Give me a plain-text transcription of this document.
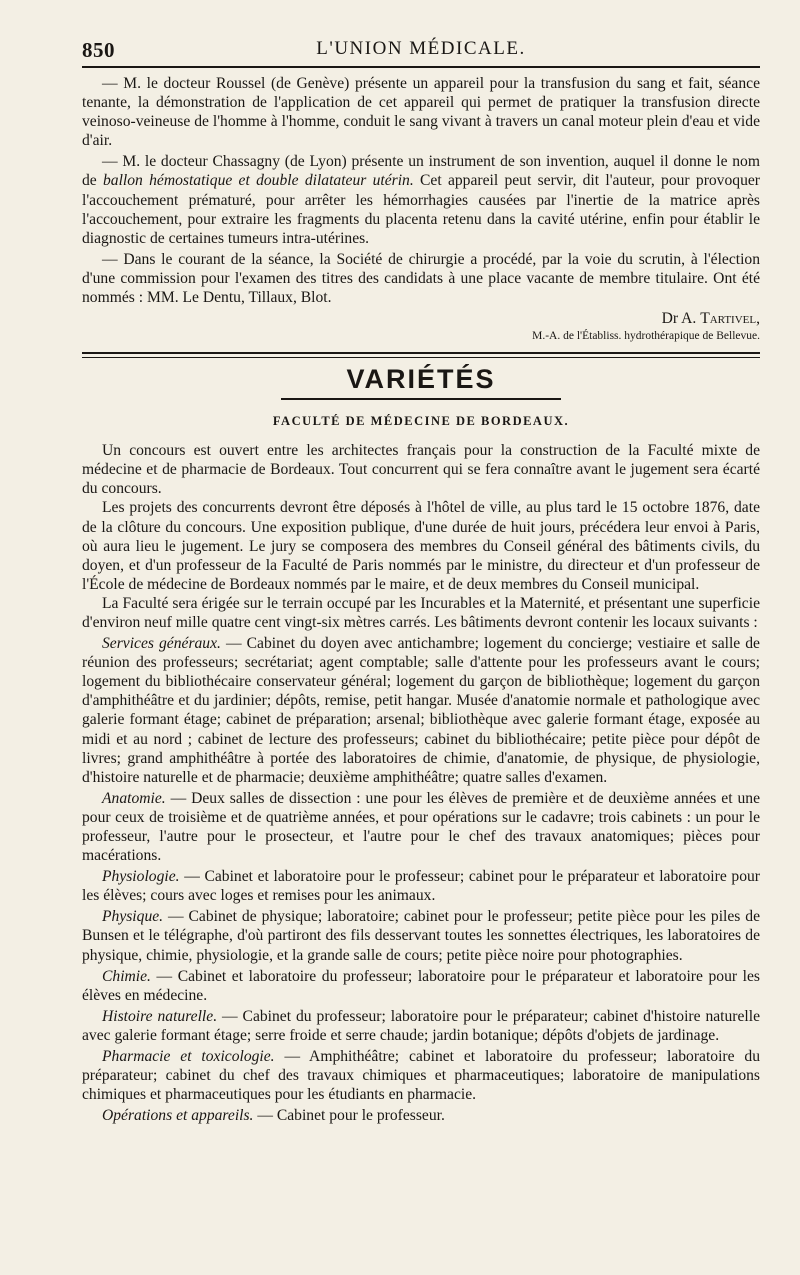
850	L'UNION MÉDICALE.

— M. le docteur Roussel (de Genève) présente un appareil pour la transfusion du sang et fait, séance tenante, la démonstration de l'application de cet appareil qui permet de pratiquer la transfusion directe veinoso-veineuse de l'homme à l'homme, conduit le sang vivant à travers un canal moteur plein d'eau et vide d'air.

— M. le docteur Chassagny (de Lyon) présente un instrument de son invention, auquel il donne le nom de ballon hémostatique et double dilatateur utérin. Cet appareil peut servir, dit l'auteur, pour provoquer l'accouchement prématuré, pour arrêter les hémorrhagies causées par l'inertie de la matrice après l'accouchement, pour extraire les fragments du placenta retenu dans la cavité utérine, enfin pour établir le diagnostic de certaines tumeurs intra-utérines.

— Dans le courant de la séance, la Société de chirurgie a procédé, par la voie du scrutin, à l'élection d'une commission pour l'examen des titres des candidats à une place vacante de membre titulaire. Ont été nommés : MM. Le Dentu, Tillaux, Blot.

Dr A. Tartivel,
M.-A. de l'Établiss. hydrothérapique de Bellevue.
VARIÉTÉS
FACULTÉ DE MÉDECINE DE BORDEAUX.

Un concours est ouvert entre les architectes français pour la construction de la Faculté mixte de médecine et de pharmacie de Bordeaux. Tout concurrent qui se fera connaître avant le jugement sera écarté du concours.

Les projets des concurrents devront être déposés à l'hôtel de ville, au plus tard le 15 octobre 1876, date de la clôture du concours. Une exposition publique, d'une durée de huit jours, précédera leur envoi à Paris, où aura lieu le jugement. Le jury se composera des membres du Conseil général des bâtiments civils, du doyen, et d'un professeur de la Faculté de Paris nommés par le ministre, du directeur et d'un professeur de l'École de médecine de Bordeaux nommés par le maire, et de deux membres du Conseil municipal.

La Faculté sera érigée sur le terrain occupé par les Incurables et la Maternité, et présentant une superficie d'environ neuf mille quatre cent vingt-six mètres carrés. Les bâtiments devront contenir les locaux suivants :

Services généraux. — Cabinet du doyen avec antichambre; logement du concierge; vestiaire et salle de réunion des professeurs; secrétariat; agent comptable; salle d'attente pour les professeurs avant le cours; logement du bibliothécaire conservateur général; logement du garçon de bibliothèque; logement du garçon d'amphithéâtre et du jardinier; dépôts, remise, petit hangar. Musée d'anatomie normale et pathologique avec galerie formant étage; cabinet de préparation; arsenal; bibliothèque avec galerie formant étage, exposée au midi et au nord ; cabinet de lecture des professeurs; cabinet du bibliothécaire; petite pièce pour dépôt de livres; grand amphithéâtre à portée des laboratoires de chimie, d'anatomie, de physique, de physiologie, d'histoire naturelle et de pharmacie; deuxième amphithéâtre; quatre salles d'examen.

Anatomie. — Deux salles de dissection : une pour les élèves de première et de deuxième années et une pour ceux de troisième et de quatrième années, et pour opérations sur le cadavre; trois cabinets : un pour le professeur, l'autre pour le prosecteur, et l'autre pour le chef des travaux anatomiques; pièces pour macérations.

Physiologie. — Cabinet et laboratoire pour le professeur; cabinet pour le préparateur et laboratoire pour les élèves; cours avec loges et remises pour les animaux.

Physique. — Cabinet de physique; laboratoire; cabinet pour le professeur; petite pièce pour les piles de Bunsen et le télégraphe, d'où partiront des fils desservant toutes les sonnettes électriques, les laboratoires de physique, chimie, physiologie, et la grande salle de cours; petite pièce noire pour photographies.

Chimie. — Cabinet et laboratoire du professeur; laboratoire pour le préparateur et laboratoire pour les élèves en médecine.

Histoire naturelle. — Cabinet du professeur; laboratoire pour le préparateur; cabinet d'histoire naturelle avec galerie formant étage; serre froide et serre chaude; jardin botanique; dépôts d'objets de jardinage.

Pharmacie et toxicologie. — Amphithéâtre; cabinet et laboratoire du professeur; laboratoire du préparateur; cabinet du chef des travaux chimiques et pharmaceutiques; laboratoire de manipulations chimiques et pharmaceutiques pour les étudiants en pharmacie.

Opérations et appareils. — Cabinet pour le professeur.
